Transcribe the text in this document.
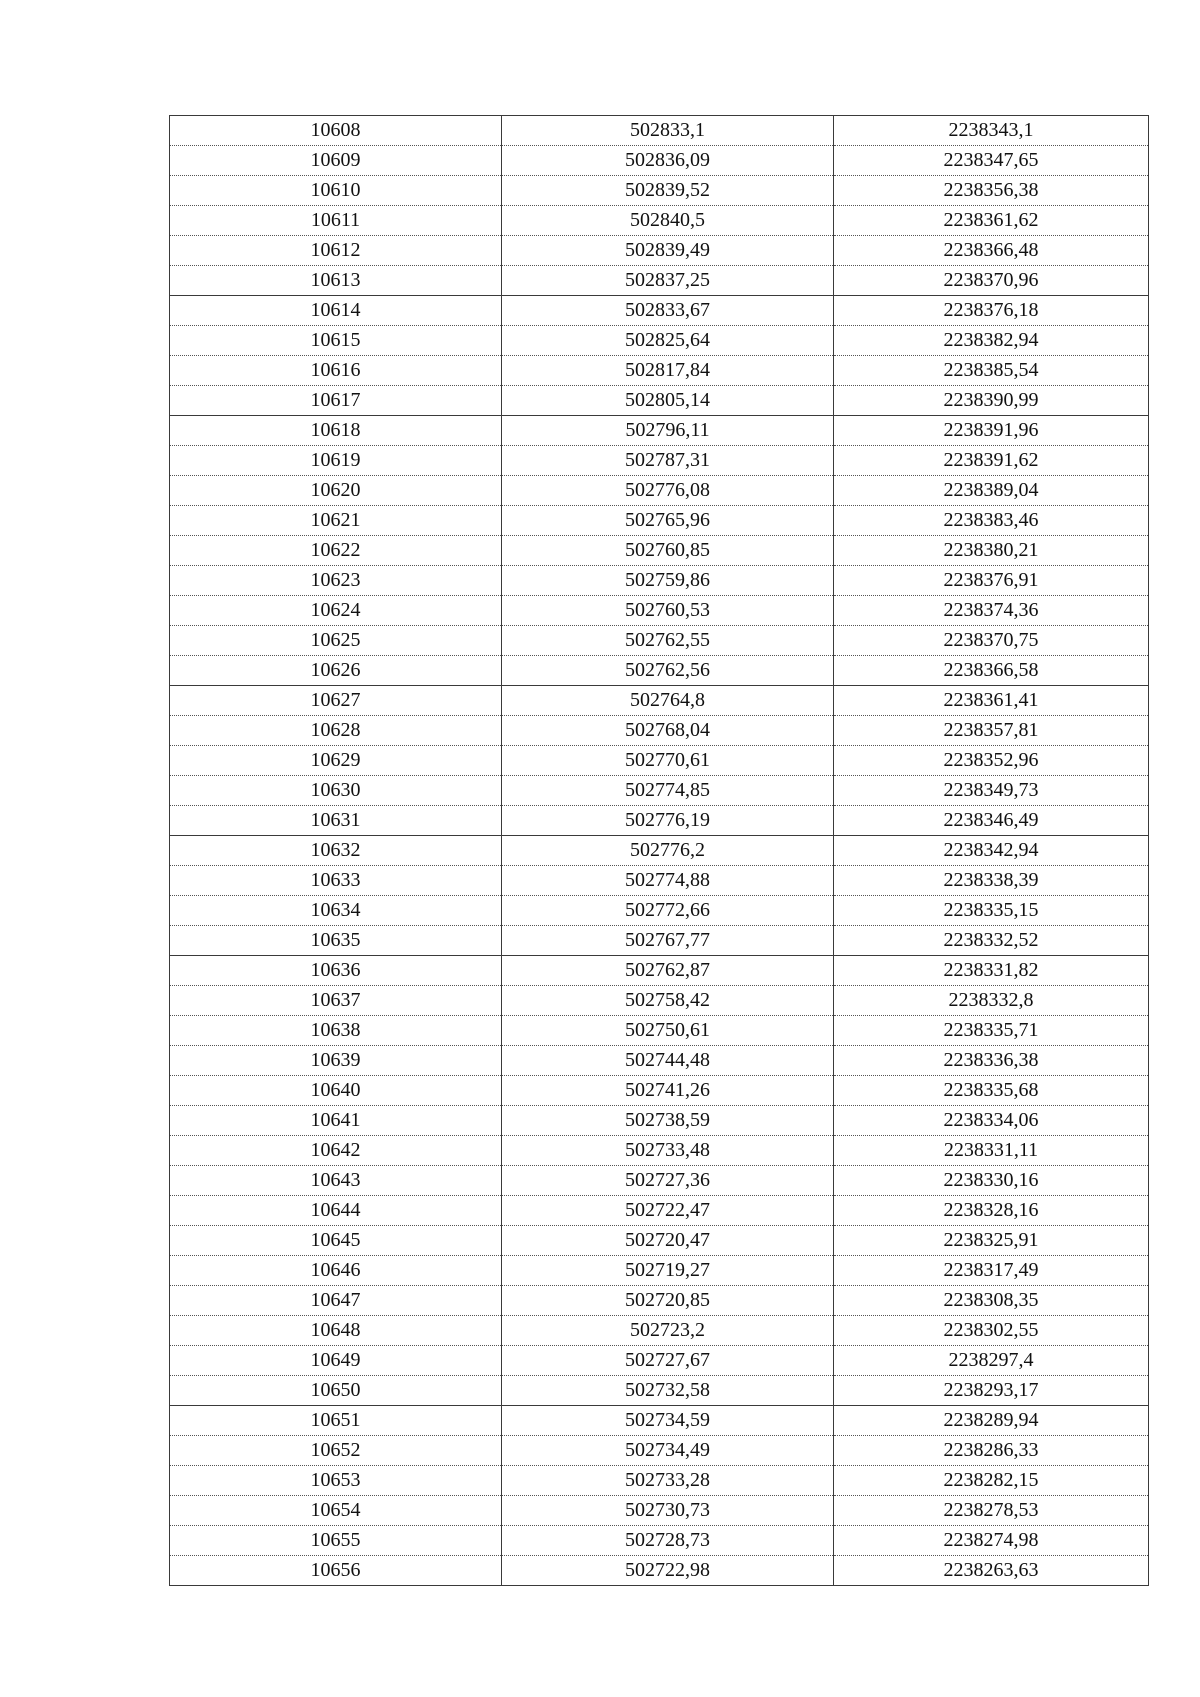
10608	502833,1	2238343,1
10609	502836,09	2238347,65
10610	502839,52	2238356,38
10611	502840,5	2238361,62
10612	502839,49	2238366,48
10613	502837,25	2238370,96
10614	502833,67	2238376,18
10615	502825,64	2238382,94
10616	502817,84	2238385,54
10617	502805,14	2238390,99
10618	502796,11	2238391,96
10619	502787,31	2238391,62
10620	502776,08	2238389,04
10621	502765,96	2238383,46
10622	502760,85	2238380,21
10623	502759,86	2238376,91
10624	502760,53	2238374,36
10625	502762,55	2238370,75
10626	502762,56	2238366,58
10627	502764,8	2238361,41
10628	502768,04	2238357,81
10629	502770,61	2238352,96
10630	502774,85	2238349,73
10631	502776,19	2238346,49
10632	502776,2	2238342,94
10633	502774,88	2238338,39
10634	502772,66	2238335,15
10635	502767,77	2238332,52
10636	502762,87	2238331,82
10637	502758,42	2238332,8
10638	502750,61	2238335,71
10639	502744,48	2238336,38
10640	502741,26	2238335,68
10641	502738,59	2238334,06
10642	502733,48	2238331,11
10643	502727,36	2238330,16
10644	502722,47	2238328,16
10645	502720,47	2238325,91
10646	502719,27	2238317,49
10647	502720,85	2238308,35
10648	502723,2	2238302,55
10649	502727,67	2238297,4
10650	502732,58	2238293,17
10651	502734,59	2238289,94
10652	502734,49	2238286,33
10653	502733,28	2238282,15
10654	502730,73	2238278,53
10655	502728,73	2238274,98
10656	502722,98	2238263,63
